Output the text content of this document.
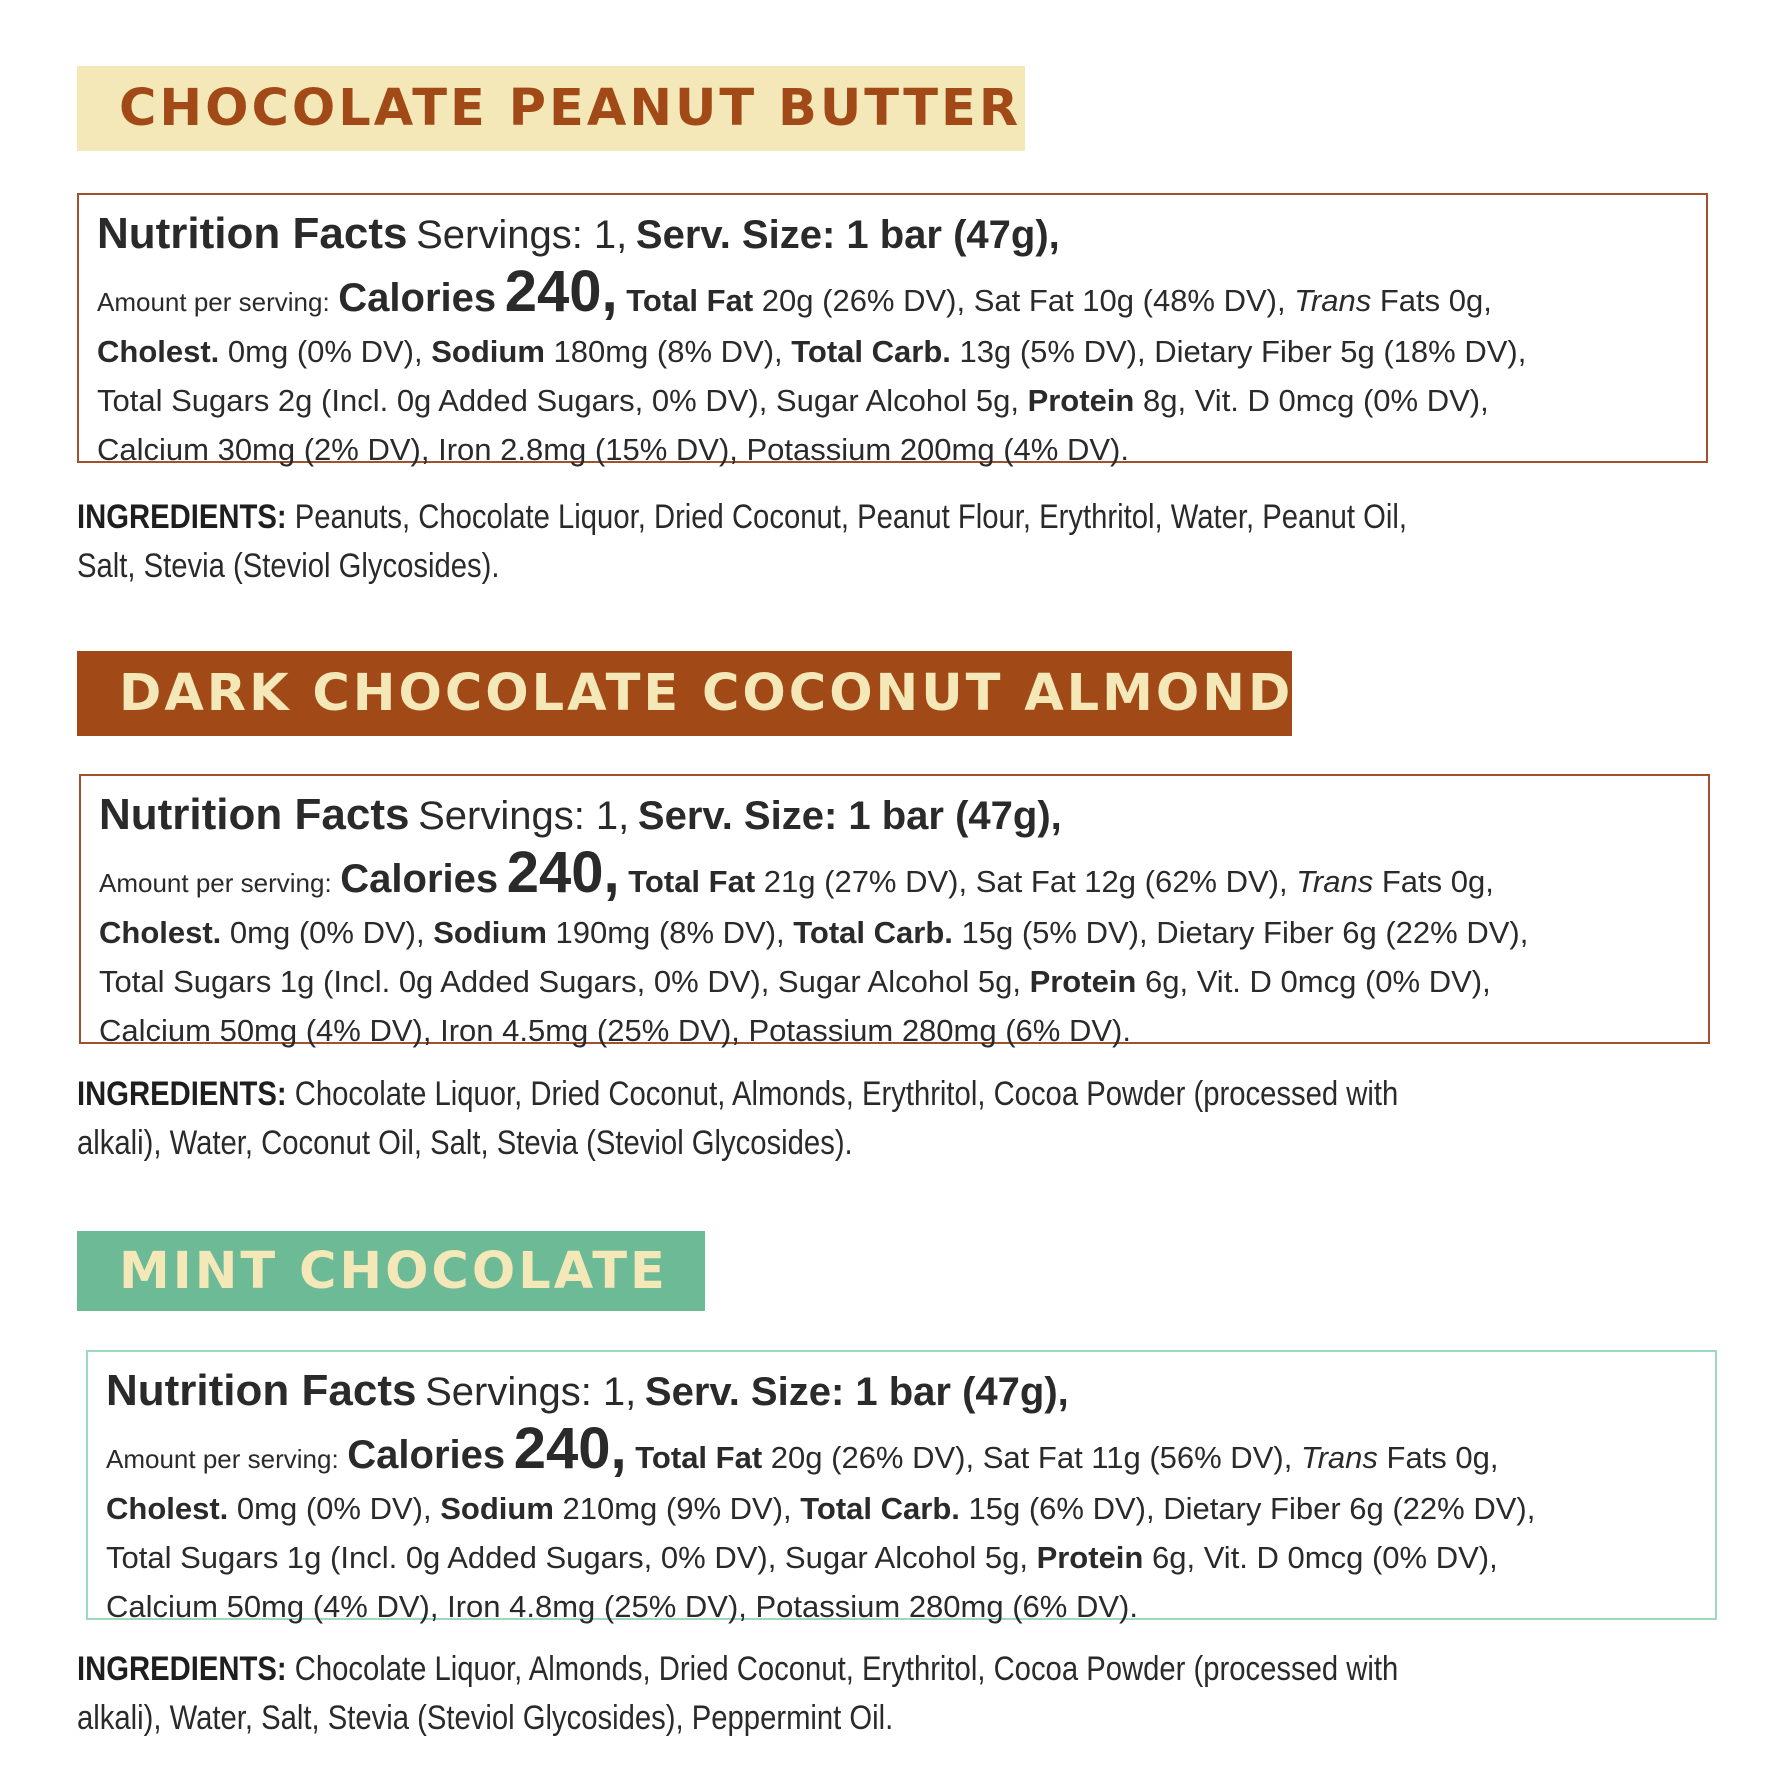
CHOCOLATE PEANUT BUTTER
Nutrition Facts Servings: 1, Serv. Size: 1 bar (47g),
Amount per serving: Calories 240, Total Fat 20g (26% DV), Sat Fat 10g (48% DV), Trans Fats 0g,
Cholest. 0mg (0% DV), Sodium 180mg (8% DV), Total Carb. 13g (5% DV), Dietary Fiber 5g (18% DV),
Total Sugars 2g (Incl. 0g Added Sugars, 0% DV), Sugar Alcohol 5g, Protein 8g, Vit. D 0mcg (0% DV),
Calcium 30mg (2% DV), Iron 2.8mg (15% DV), Potassium 200mg (4% DV).
INGREDIENTS: Peanuts, Chocolate Liquor, Dried Coconut, Peanut Flour, Erythritol, Water, Peanut Oil,
Salt, Stevia (Steviol Glycosides).
DARK CHOCOLATE COCONUT ALMOND
Nutrition Facts Servings: 1, Serv. Size: 1 bar (47g),
Amount per serving: Calories 240, Total Fat 21g (27% DV), Sat Fat 12g (62% DV), Trans Fats 0g,
Cholest. 0mg (0% DV), Sodium 190mg (8% DV), Total Carb. 15g (5% DV), Dietary Fiber 6g (22% DV),
Total Sugars 1g (Incl. 0g Added Sugars, 0% DV), Sugar Alcohol 5g, Protein 6g, Vit. D 0mcg (0% DV),
Calcium 50mg (4% DV), Iron 4.5mg (25% DV), Potassium 280mg (6% DV).
INGREDIENTS: Chocolate Liquor, Dried Coconut, Almonds, Erythritol, Cocoa Powder (processed with
alkali), Water, Coconut Oil, Salt, Stevia (Steviol Glycosides).
MINT CHOCOLATE
Nutrition Facts Servings: 1, Serv. Size: 1 bar (47g),
Amount per serving: Calories 240, Total Fat 20g (26% DV), Sat Fat 11g (56% DV), Trans Fats 0g,
Cholest. 0mg (0% DV), Sodium 210mg (9% DV), Total Carb. 15g (6% DV), Dietary Fiber 6g (22% DV),
Total Sugars 1g (Incl. 0g Added Sugars, 0% DV), Sugar Alcohol 5g, Protein 6g, Vit. D 0mcg (0% DV),
Calcium 50mg (4% DV), Iron 4.8mg (25% DV), Potassium 280mg (6% DV).
INGREDIENTS: Chocolate Liquor, Almonds, Dried Coconut, Erythritol, Cocoa Powder (processed with
alkali), Water, Salt, Stevia (Steviol Glycosides), Peppermint Oil.
